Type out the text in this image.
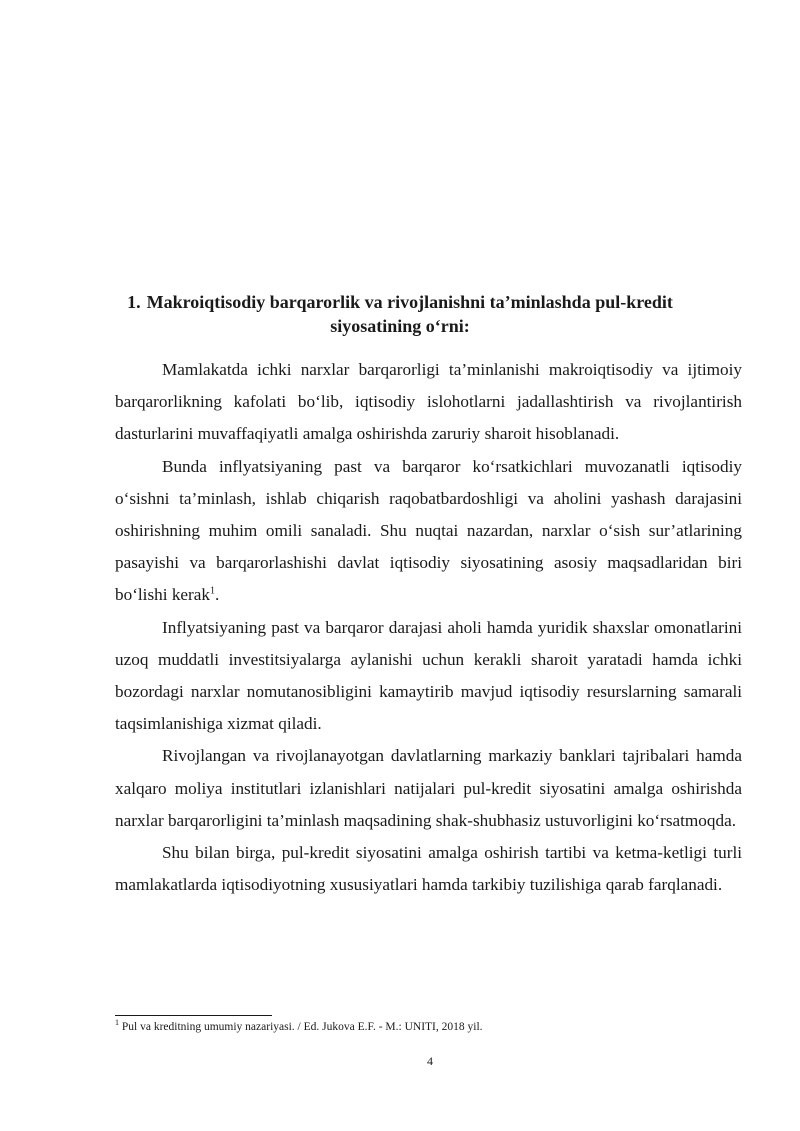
1. Makroiqtisodiy barqarorlik va rivojlanishni ta’minlashda pul-kredit siyosatining o‘rni:

Mamlakatda ichki narxlar barqarorligi ta’minlanishi makroiqtisodiy va ijtimoiy barqarorlikning kafolati bo‘lib, iqtisodiy islohotlarni jadallashtirish va rivojlantirish dasturlarini muvaffaqiyatli amalga oshirishda zaruriy sharoit hisoblanadi.

Bunda inflyatsiyaning past va barqaror ko‘rsatkichlari muvozanatli iqtisodiy o‘sishni ta’minlash, ishlab chiqarish raqobatbardoshligi va aholini yashash darajasini oshirishning muhim omili sanaladi. Shu nuqtai nazardan, narxlar o‘sish sur’atlarining pasayishi va barqarorlashishi davlat iqtisodiy siyosatining asosiy maqsadlaridan biri bo‘lishi kerak$^1$.

Inflyatsiyaning past va barqaror darajasi aholi hamda yuridik shaxslar omonatlarini uzoq muddatli investitsiyalarga aylanishi uchun kerakli sharoit yaratadi hamda ichki bozordagi narxlar nomutanosibligini kamaytirib mavjud iqtisodiy resurslarning samarali taqsimlanishiga xizmat qiladi.

Rivojlangan va rivojlanayotgan davlatlarning markaziy banklari tajribalari hamda xalqaro moliya institutlari izlanishlari natijalari pul-kredit siyosatini amalga oshirishda narxlar barqarorligini ta’minlash maqsadining shak-shubhasiz ustuvorligini ko‘rsatmoqda.

Shu bilan birga, pul-kredit siyosatini amalga oshirish tartibi va ketma-ketligi turli mamlakatlarda iqtisodiyotning xususiyatlari hamda tarkibiy tuzilishiga qarab farqlanadi.

$^1$ Pul va kreditning umumiy nazariyasi. / Ed. Jukova E.F. - M.: UNITI, 2018 yil.
4
